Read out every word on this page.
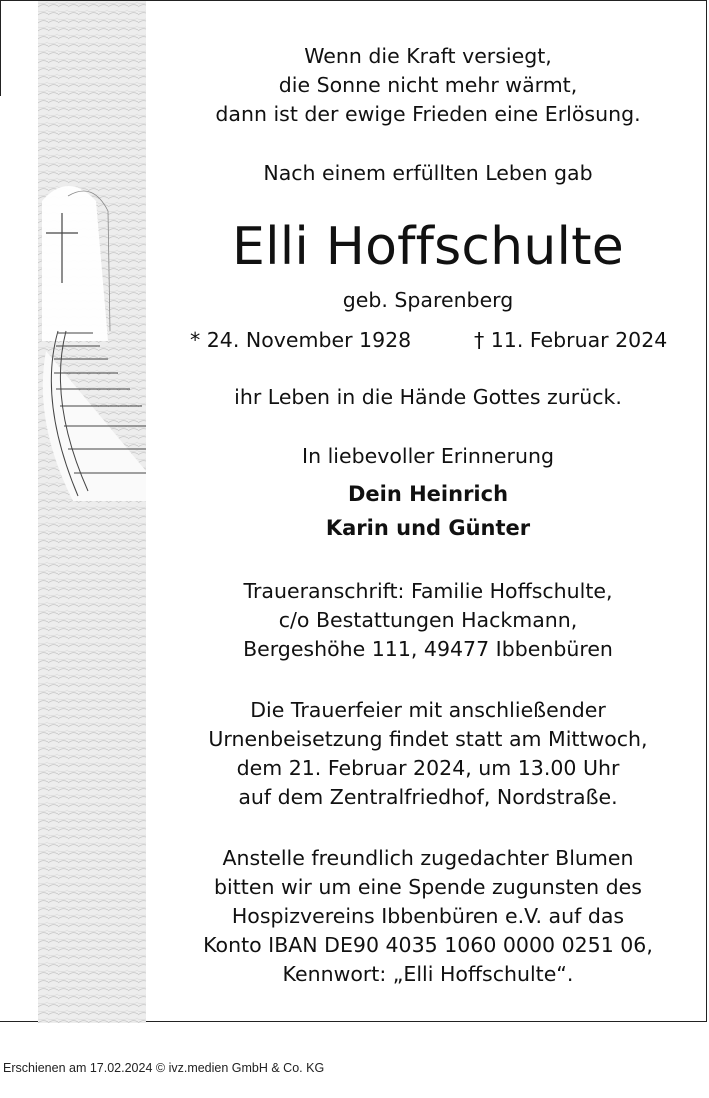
Wenn die Kraft versiegt,
die Sonne nicht mehr wärmt,
dann ist der ewige Frieden eine Erlösung.
Nach einem erfüllten Leben gab
Elli Hoffschulte
geb. Sparenberg
* 24. November 1928	† 11. Februar 2024
ihr Leben in die Hände Gottes zurück.
In liebevoller Erinnerung
Dein Heinrich
Karin und Günter
Traueranschrift: Familie Hoffschulte,
c/o Bestattungen Hackmann,
Bergeshöhe 111, 49477 Ibbenbüren
Die Trauerfeier mit anschließender
Urnenbeisetzung findet statt am Mittwoch,
dem 21. Februar 2024, um 13.00 Uhr
auf dem Zentralfriedhof, Nordstraße.
Anstelle freundlich zugedachter Blumen
bitten wir um eine Spende zugunsten des
Hospizvereins Ibbenbüren e.V. auf das
Konto IBAN DE90 4035 1060 0000 0251 06,
Kennwort: „Elli Hoffschulte“.
Erschienen am 17.02.2024 © ivz.medien GmbH & Co. KG
